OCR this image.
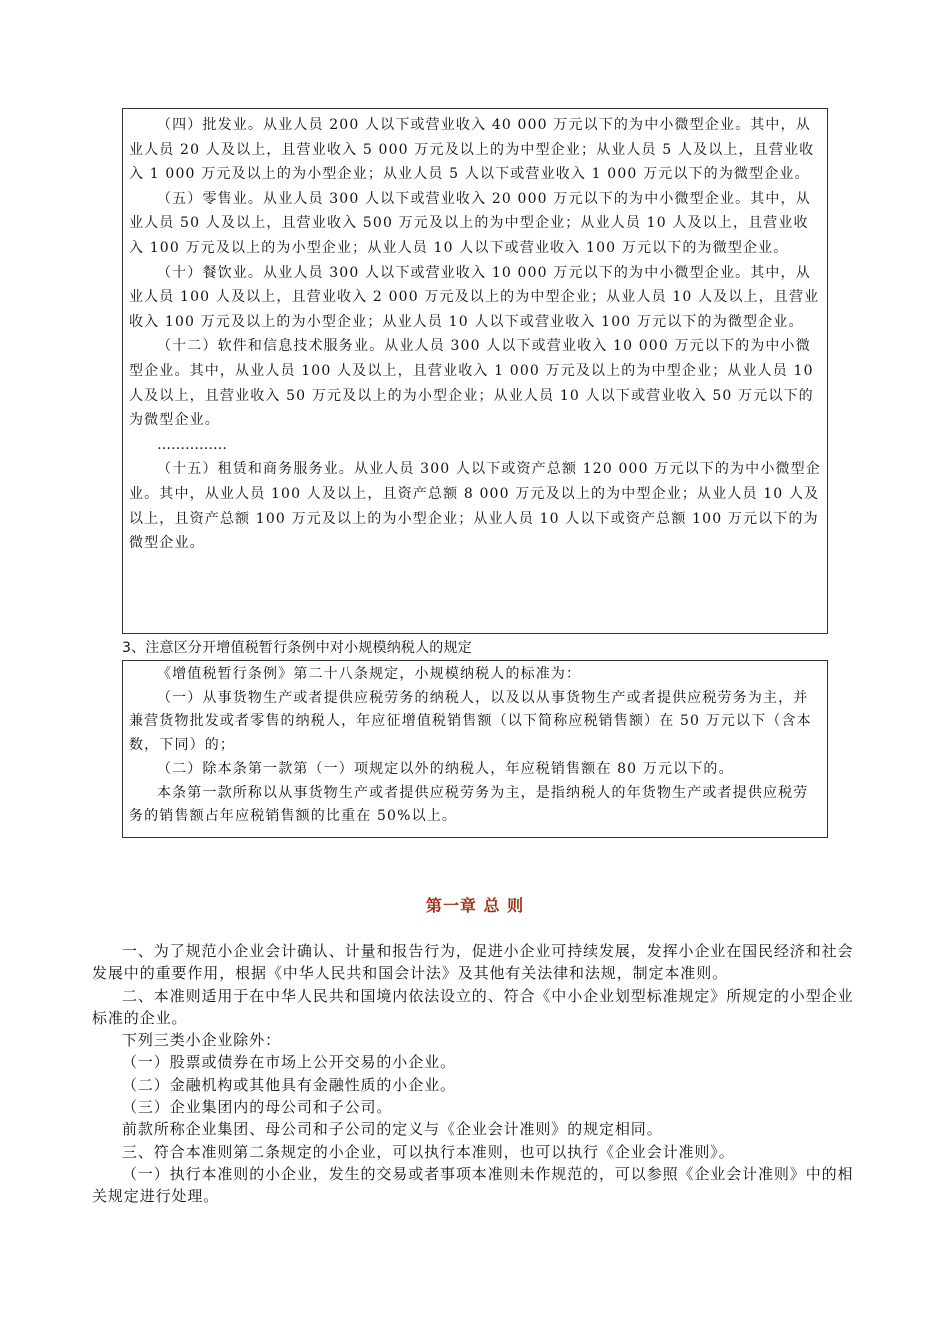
（四）批发业。从业人员 200 人以下或营业收入 40 000 万元以下的为中小微型企业。其中，从业人员 20 人及以上，且营业收入 5 000 万元及以上的为中型企业；从业人员 5 人及以上，且营业收入 1 000 万元及以上的为小型企业；从业人员 5 人以下或营业收入 1 000 万元以下的为微型企业。

（五）零售业。从业人员 300 人以下或营业收入 20 000 万元以下的为中小微型企业。其中，从业人员 50 人及以上，且营业收入 500 万元及以上的为中型企业；从业人员 10 人及以上，且营业收入 100 万元及以上的为小型企业；从业人员 10 人以下或营业收入 100 万元以下的为微型企业。

（十）餐饮业。从业人员 300 人以下或营业收入 10 000 万元以下的为中小微型企业。其中，从业人员 100 人及以上，且营业收入 2 000 万元及以上的为中型企业；从业人员 10 人及以上，且营业收入 100 万元及以上的为小型企业；从业人员 10 人以下或营业收入 100 万元以下的为微型企业。

（十二）软件和信息技术服务业。从业人员 300 人以下或营业收入 10 000 万元以下的为中小微型企业。其中，从业人员 100 人及以上，且营业收入 1 000 万元及以上的为中型企业；从业人员 10 人及以上，且营业收入 50 万元及以上的为小型企业；从业人员 10 人以下或营业收入 50 万元以下的为微型企业。

……………

（十五）租赁和商务服务业。从业人员 300 人以下或资产总额 120 000 万元以下的为中小微型企业。其中，从业人员 100 人及以上，且资产总额 8 000 万元及以上的为中型企业；从业人员 10 人及以上，且资产总额 100 万元及以上的为小型企业；从业人员 10 人以下或资产总额 100 万元以下的为微型企业。

3、注意区分开增值税暂行条例中对小规模纳税人的规定

《增值税暂行条例》第二十八条规定，小规模纳税人的标准为：

（一）从事货物生产或者提供应税劳务的纳税人，以及以从事货物生产或者提供应税劳务为主，并兼营货物批发或者零售的纳税人，年应征增值税销售额（以下简称应税销售额）在 50 万元以下（含本数，下同）的；

（二）除本条第一款第（一）项规定以外的纳税人，年应税销售额在 80 万元以下的。

本条第一款所称以从事货物生产或者提供应税劳务为主，是指纳税人的年货物生产或者提供应税劳务的销售额占年应税销售额的比重在 50%以上。

第一章 总 则

一、为了规范小企业会计确认、计量和报告行为，促进小企业可持续发展，发挥小企业在国民经济和社会发展中的重要作用，根据《中华人民共和国会计法》及其他有关法律和法规，制定本准则。

二、本准则适用于在中华人民共和国境内依法设立的、符合《中小企业划型标准规定》所规定的小型企业标准的企业。

下列三类小企业除外：

（一）股票或债券在市场上公开交易的小企业。

（二）金融机构或其他具有金融性质的小企业。

（三）企业集团内的母公司和子公司。

前款所称企业集团、母公司和子公司的定义与《企业会计准则》的规定相同。

三、符合本准则第二条规定的小企业，可以执行本准则，也可以执行《企业会计准则》。

（一）执行本准则的小企业，发生的交易或者事项本准则未作规范的，可以参照《企业会计准则》中的相关规定进行处理。
